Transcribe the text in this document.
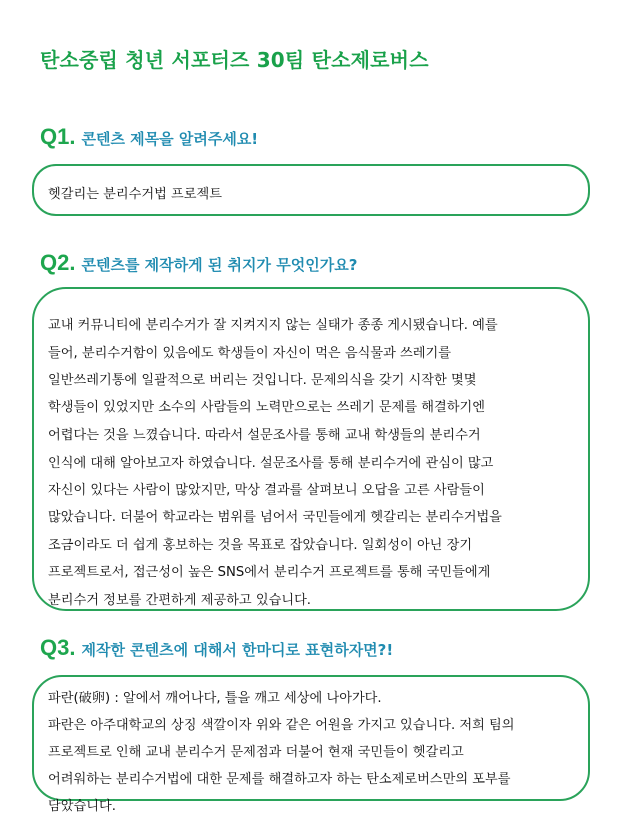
탄소중립 청년 서포터즈 30팀 탄소제로버스
Q1. 콘텐츠 제목을 알려주세요!
헷갈리는 분리수거법 프로젝트
Q2. 콘텐츠를 제작하게 된 취지가 무엇인가요?
교내 커뮤니티에 분리수거가 잘 지켜지지 않는 실태가 종종 게시됐습니다. 예를
들어, 분리수거함이 있음에도 학생들이 자신이 먹은 음식물과 쓰레기를
일반쓰레기통에 일괄적으로 버리는 것입니다. 문제의식을 갖기 시작한 몇몇
학생들이 있었지만 소수의 사람들의 노력만으로는 쓰레기 문제를 해결하기엔
어렵다는 것을 느꼈습니다. 따라서 설문조사를 통해 교내 학생들의 분리수거
인식에 대해 알아보고자 하였습니다. 설문조사를 통해 분리수거에 관심이 많고
자신이 있다는 사람이 많았지만, 막상 결과를 살펴보니 오답을 고른 사람들이
많았습니다. 더불어 학교라는 범위를 넘어서 국민들에게 헷갈리는 분리수거법을
조금이라도 더 쉽게 홍보하는 것을 목표로 잡았습니다. 일회성이 아닌 장기
프로젝트로서, 접근성이 높은 SNS에서 분리수거 프로젝트를 통해 국민들에게
분리수거 정보를 간편하게 제공하고 있습니다.
Q3. 제작한 콘텐츠에 대해서 한마디로 표현하자면?!
파란(破卵) : 알에서 깨어나다, 틀을 깨고 세상에 나아가다.
파란은 아주대학교의 상징 색깔이자 위와 같은 어원을 가지고 있습니다. 저희 팀의
프로젝트로 인해 교내 분리수거 문제점과 더불어 현재 국민들이 헷갈리고
어려워하는 분리수거법에 대한 문제를 해결하고자 하는 탄소제로버스만의 포부를
담았습니다.
